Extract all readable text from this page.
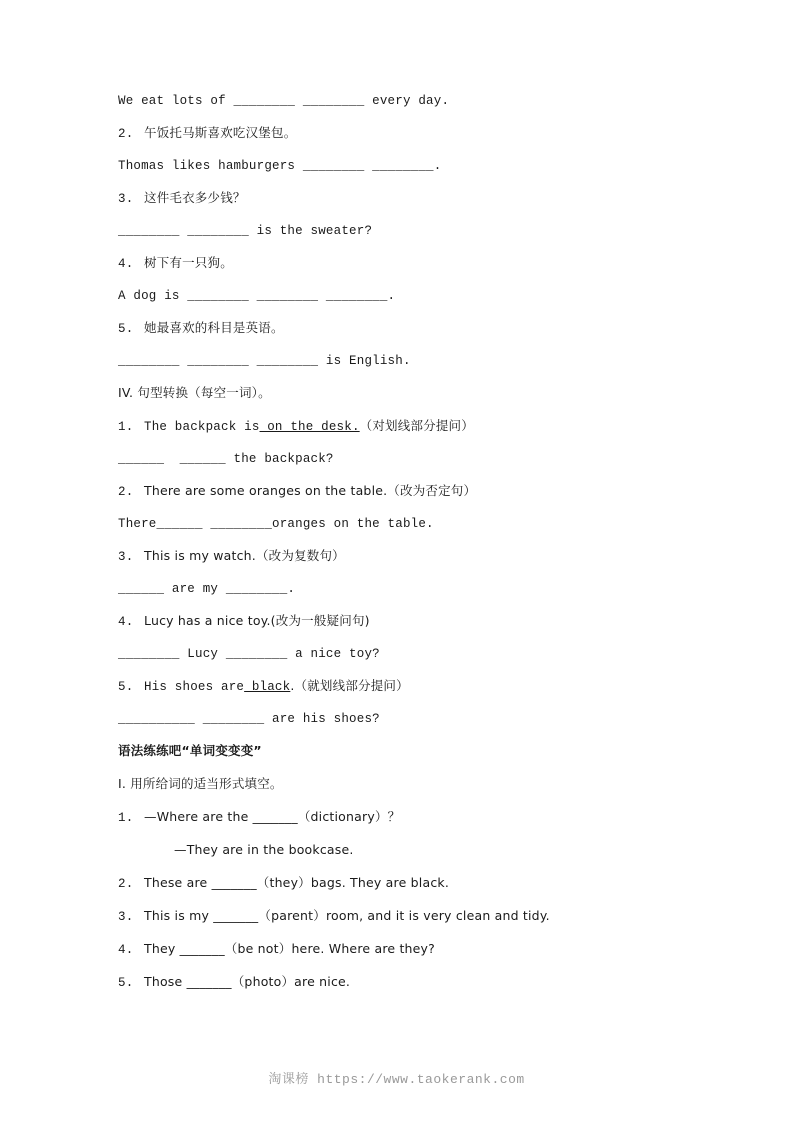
We eat lots of ________ ________ every day.

2. 午饭托马斯喜欢吃汉堡包。

Thomas likes hamburgers ________ ________.

3. 这件毛衣多少钱？

________ ________ is the sweater?

4. 树下有一只狗。

A dog is ________ ________ ________.

5. 她最喜欢的科目是英语。

________ ________ ________ is English.

IV. 句型转换（每空一词）。

1. The backpack is on the desk.（对划线部分提问）

______  ______ the backpack?

2. There are some oranges on the table.（改为否定句）

There______ ________oranges on the table.

3. This is my watch.（改为复数句）

______ are my ________.

4. Lucy has a nice toy.(改为一般疑问句)

________ Lucy ________ a nice toy?

5. His shoes are black.（就划线部分提问）

__________ ________ are his shoes?

语法练练吧“单词变变变”

I. 用所给词的适当形式填空。

1. —Where are the _______（dictionary）？

—They are in the bookcase.

2. These are _______（they）bags. They are black.

3. This is my _______（parent）room, and it is very clean and tidy.

4. They _______（be not）here. Where are they?

5. Those _______（photo）are nice.

淘课榜 https://www.taokerank.com
